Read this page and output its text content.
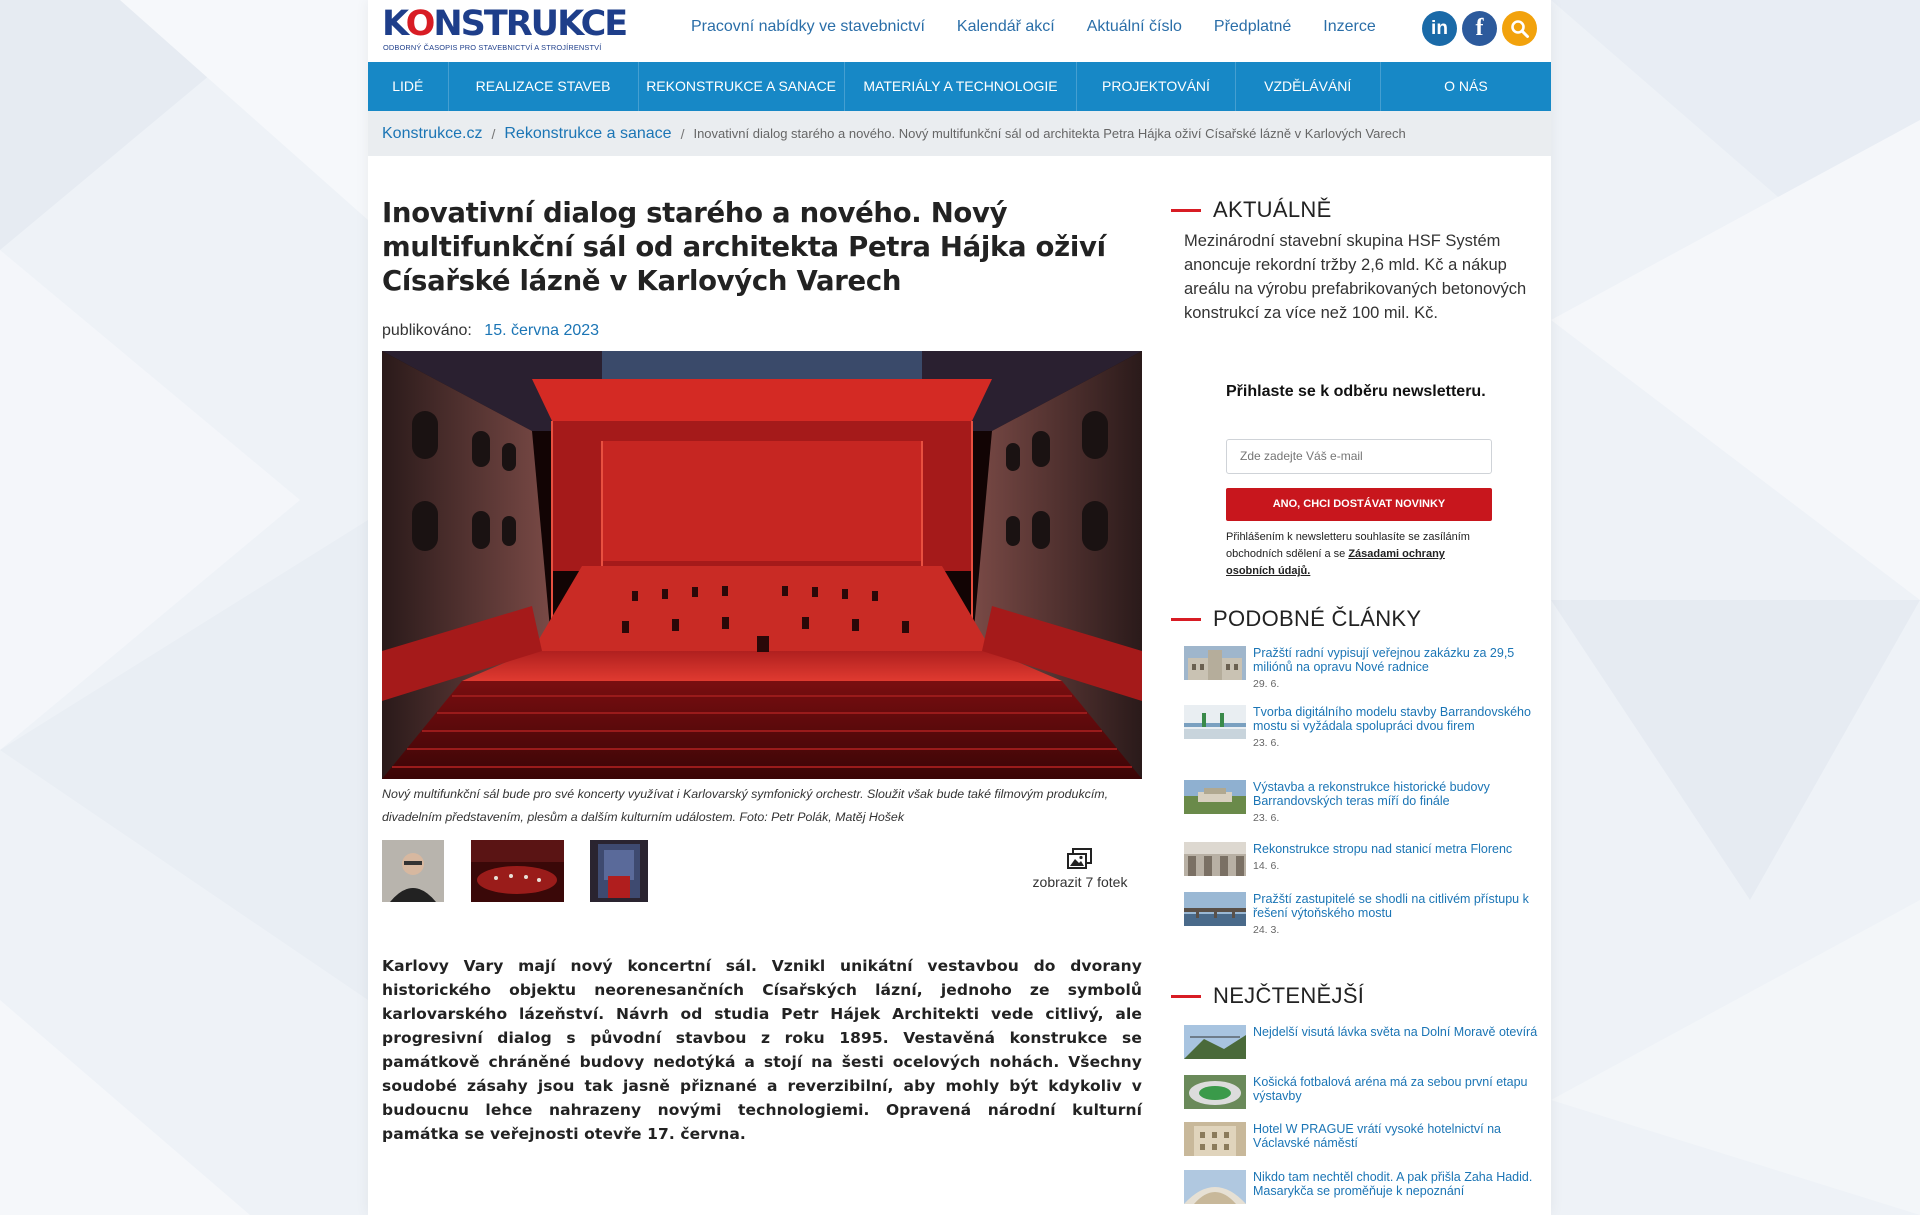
KONSTRUKCE
ODBORNÝ ČASOPIS PRO STAVEBNICTVÍ A STROJÍRENSTVÍ
Pracovní nabídky ve stavebnictví Kalendář akcí Aktuální číslo Předplatné Inzerce	in	f
LIDÉ	REALIZACE STAVEB	REKONSTRUKCE A SANACE	MATERIÁLY A TECHNOLOGIE	PROJEKTOVÁNÍ	VZDĚLÁVÁNÍ	O NÁS
Konstrukce.cz / Rekonstrukce a sanace / Inovativní dialog starého a nového. Nový multifunkční sál od architekta Petra Hájka oživí Císařské lázně v Karlových Varech
Inovativní dialog starého a nového. Nový multifunkční sál od architekta Petra Hájka oživí Císařské lázně v Karlových Varech
publikováno: 15. června 2023

Nový multifunkční sál bude pro své koncerty využívat i Karlovarský symfonický orchestr. Sloužit však bude také filmovým produkcím, divadelním představením, plesům a dalším kulturním událostem. Foto: Petr Polák, Matěj Hošek

zobrazit 7 fotek

Karlovy Vary mají nový koncertní sál. Vznikl unikátní vestavbou do dvorany historického objektu neorenesančních Císařských lázní, jednoho ze symbolů karlovarského lázeňství. Návrh od studia Petr Hájek Architekti vede citlivý, ale progresivní dialog s původní stavbou z roku 1895. Vestavěná konstrukce se památkově chráněné budovy nedotýká a stojí na šesti ocelových nohách. Všechny soudobé zásahy jsou tak jasně přiznané a reverzibilní, aby mohly být kdykoliv v budoucnu lehce nahrazeny novými technologiemi. Opravená národní kulturní památka se veřejnosti otevře 17. června.

AKTUÁLNĚ
Mezinárodní stavební skupina HSF Systém anoncuje rekordní tržby 2,6 mld. Kč a nákup areálu na výrobu prefabrikovaných betonových konstrukcí za více než 100 mil. Kč.
Přihlaste se k odběru newsletteru.
Zde zadejte Váš e-mail
ANO, CHCI DOSTÁVAT NOVINKY
Přihlášením k newsletteru souhlasíte se zasíláním obchodních sdělení a se Zásadami ochrany osobních údajů.
PODOBNÉ ČLÁNKY
Pražští radní vypisují veřejnou zakázku za 29,5 miliónů na opravu Nové radnice
29. 6.
Tvorba digitálního modelu stavby Barrandovského mostu si vyžádala spolupráci dvou firem
23. 6.
Výstavba a rekonstrukce historické budovy Barrandovských teras míří do finále
23. 6.
Rekonstrukce stropu nad stanicí metra Florenc
14. 6.
Pražští zastupitelé se shodli na citlivém přístupu k řešení výtoňského mostu
24. 3.
NEJČTENĚJŠÍ
Nejdelší visutá lávka světa na Dolní Moravě otevírá
Košická fotbalová aréna má za sebou první etapu výstavby
Hotel W PRAGUE vrátí vysoké hotelnictví na Václavské náměstí
Nikdo tam nechtěl chodit. A pak přišla Zaha Hadid. Masarykča se proměňuje k nepoznání
